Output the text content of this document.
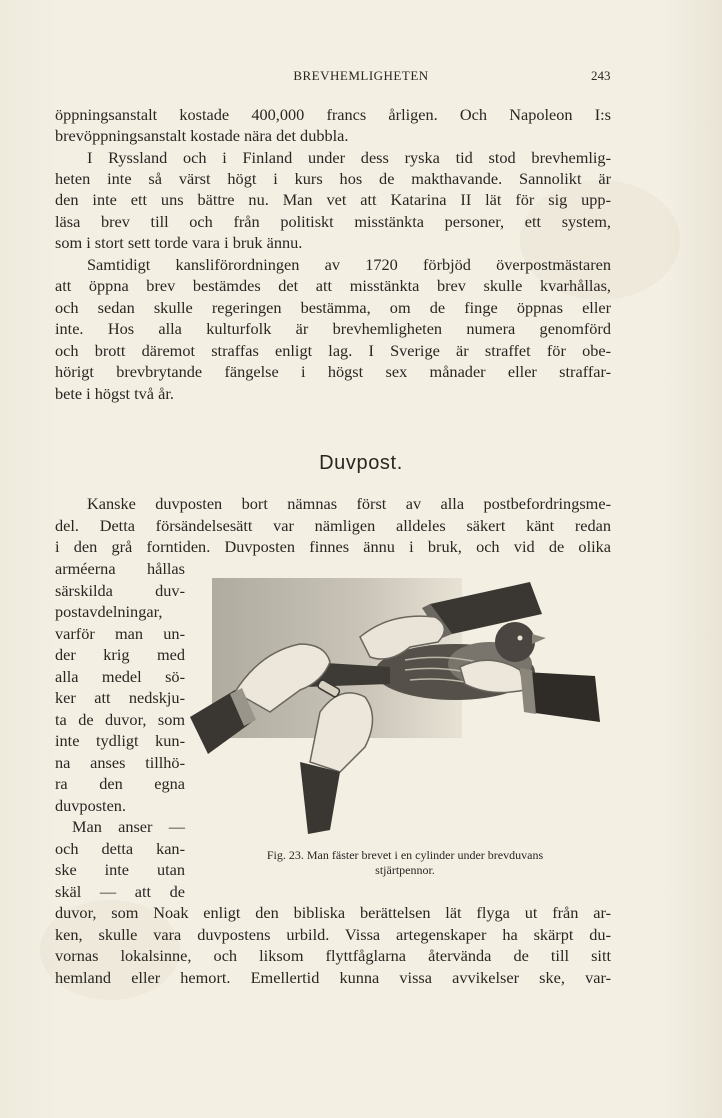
BREVHEMLIGHETEN	243
öppningsanstalt kostade 400,000 francs årligen. Och Napoleon I:s
brevöppningsanstalt kostade nära det dubbla.
I Ryssland och i Finland under dess ryska tid stod brevhemlig-
heten inte så värst högt i kurs hos de makthavande. Sannolikt är
den inte ett uns bättre nu. Man vet att Katarina II lät för sig upp-
läsa brev till och från politiskt misstänkta personer, ett system,
som i stort sett torde vara i bruk ännu.
Samtidigt kansliförordningen av 1720 förbjöd överpostmästaren
att öppna brev bestämdes det att misstänkta brev skulle kvarhållas,
och sedan skulle regeringen bestämma, om de finge öppnas eller
inte. Hos alla kulturfolk är brevhemligheten numera genomförd
och brott däremot straffas enligt lag. I Sverige är straffet för obe-
hörigt brevbrytande fängelse i högst sex månader eller straffar-
bete i högst två år.
Duvpost.
Kanske duvposten bort nämnas först av alla postbefordringsme-
del. Detta försändelsesätt var nämligen alldeles säkert känt redan
i den grå forntiden. Duvposten finnes ännu i bruk, och vid de olika
arméerna hållas
särskilda duv-
postavdelningar,
varför man un-
der krig med
alla medel sö-
ker att nedskju-
ta de duvor, som
inte tydligt kun-
na anses tillhö-
ra den egna
duvposten.
Man anser —
och detta kan-
ske inte utan
skäl — att de
Fig. 23. Man fäster brevet i en cylinder under brevduvans
stjärtpennor.
duvor, som Noak enligt den bibliska berättelsen lät flyga ut från ar-
ken, skulle vara duvpostens urbild. Vissa artegenskaper ha skärpt du-
vornas lokalsinne, och liksom flyttfåglarna återvända de till sitt
hemland eller hemort. Emellertid kunna vissa avvikelser ske, var-
